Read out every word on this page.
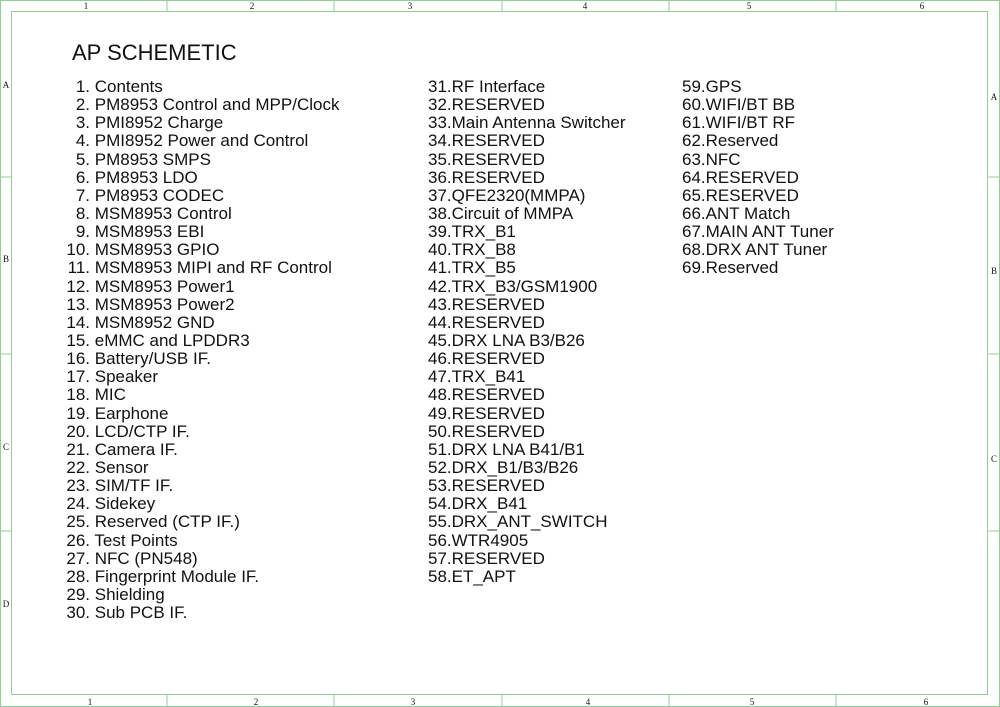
1
1
2
2
3
3
4
4
5
5
6
6
A
A
B
B
C
C
D
AP SCHEMETIC
1. Contents
2. PM8953 Control and MPP/Clock
3. PMI8952 Charge
4. PMI8952 Power and Control
5. PM8953 SMPS
6. PM8953 LDO
7. PM8953 CODEC
8. MSM8953 Control
9. MSM8953 EBI
10. MSM8953 GPIO
11. MSM8953 MIPI and RF Control
12. MSM8953 Power1
13. MSM8953 Power2
14. MSM8952 GND
15. eMMC and LPDDR3
16. Battery/USB IF.
17. Speaker
18. MIC
19. Earphone
20. LCD/CTP IF.
21. Camera IF.
22. Sensor
23. SIM/TF IF.
24. Sidekey
25. Reserved (CTP IF.)
26. Test Points
27. NFC (PN548)
28. Fingerprint Module IF.
29. Shielding
30. Sub PCB IF.
31.RF Interface
32.RESERVED
33.Main Antenna Switcher
34.RESERVED
35.RESERVED
36.RESERVED
37.QFE2320(MMPA)
38.Circuit of MMPA
39.TRX_B1
40.TRX_B8
41.TRX_B5
42.TRX_B3/GSM1900
43.RESERVED
44.RESERVED
45.DRX LNA B3/B26
46.RESERVED
47.TRX_B41
48.RESERVED
49.RESERVED
50.RESERVED
51.DRX LNA B41/B1
52.DRX_B1/B3/B26
53.RESERVED
54.DRX_B41
55.DRX_ANT_SWITCH
56.WTR4905
57.RESERVED
58.ET_APT
59.GPS
60.WIFI/BT BB
61.WIFI/BT RF
62.Reserved
63.NFC
64.RESERVED
65.RESERVED
66.ANT Match
67.MAIN ANT Tuner
68.DRX ANT Tuner
69.Reserved
